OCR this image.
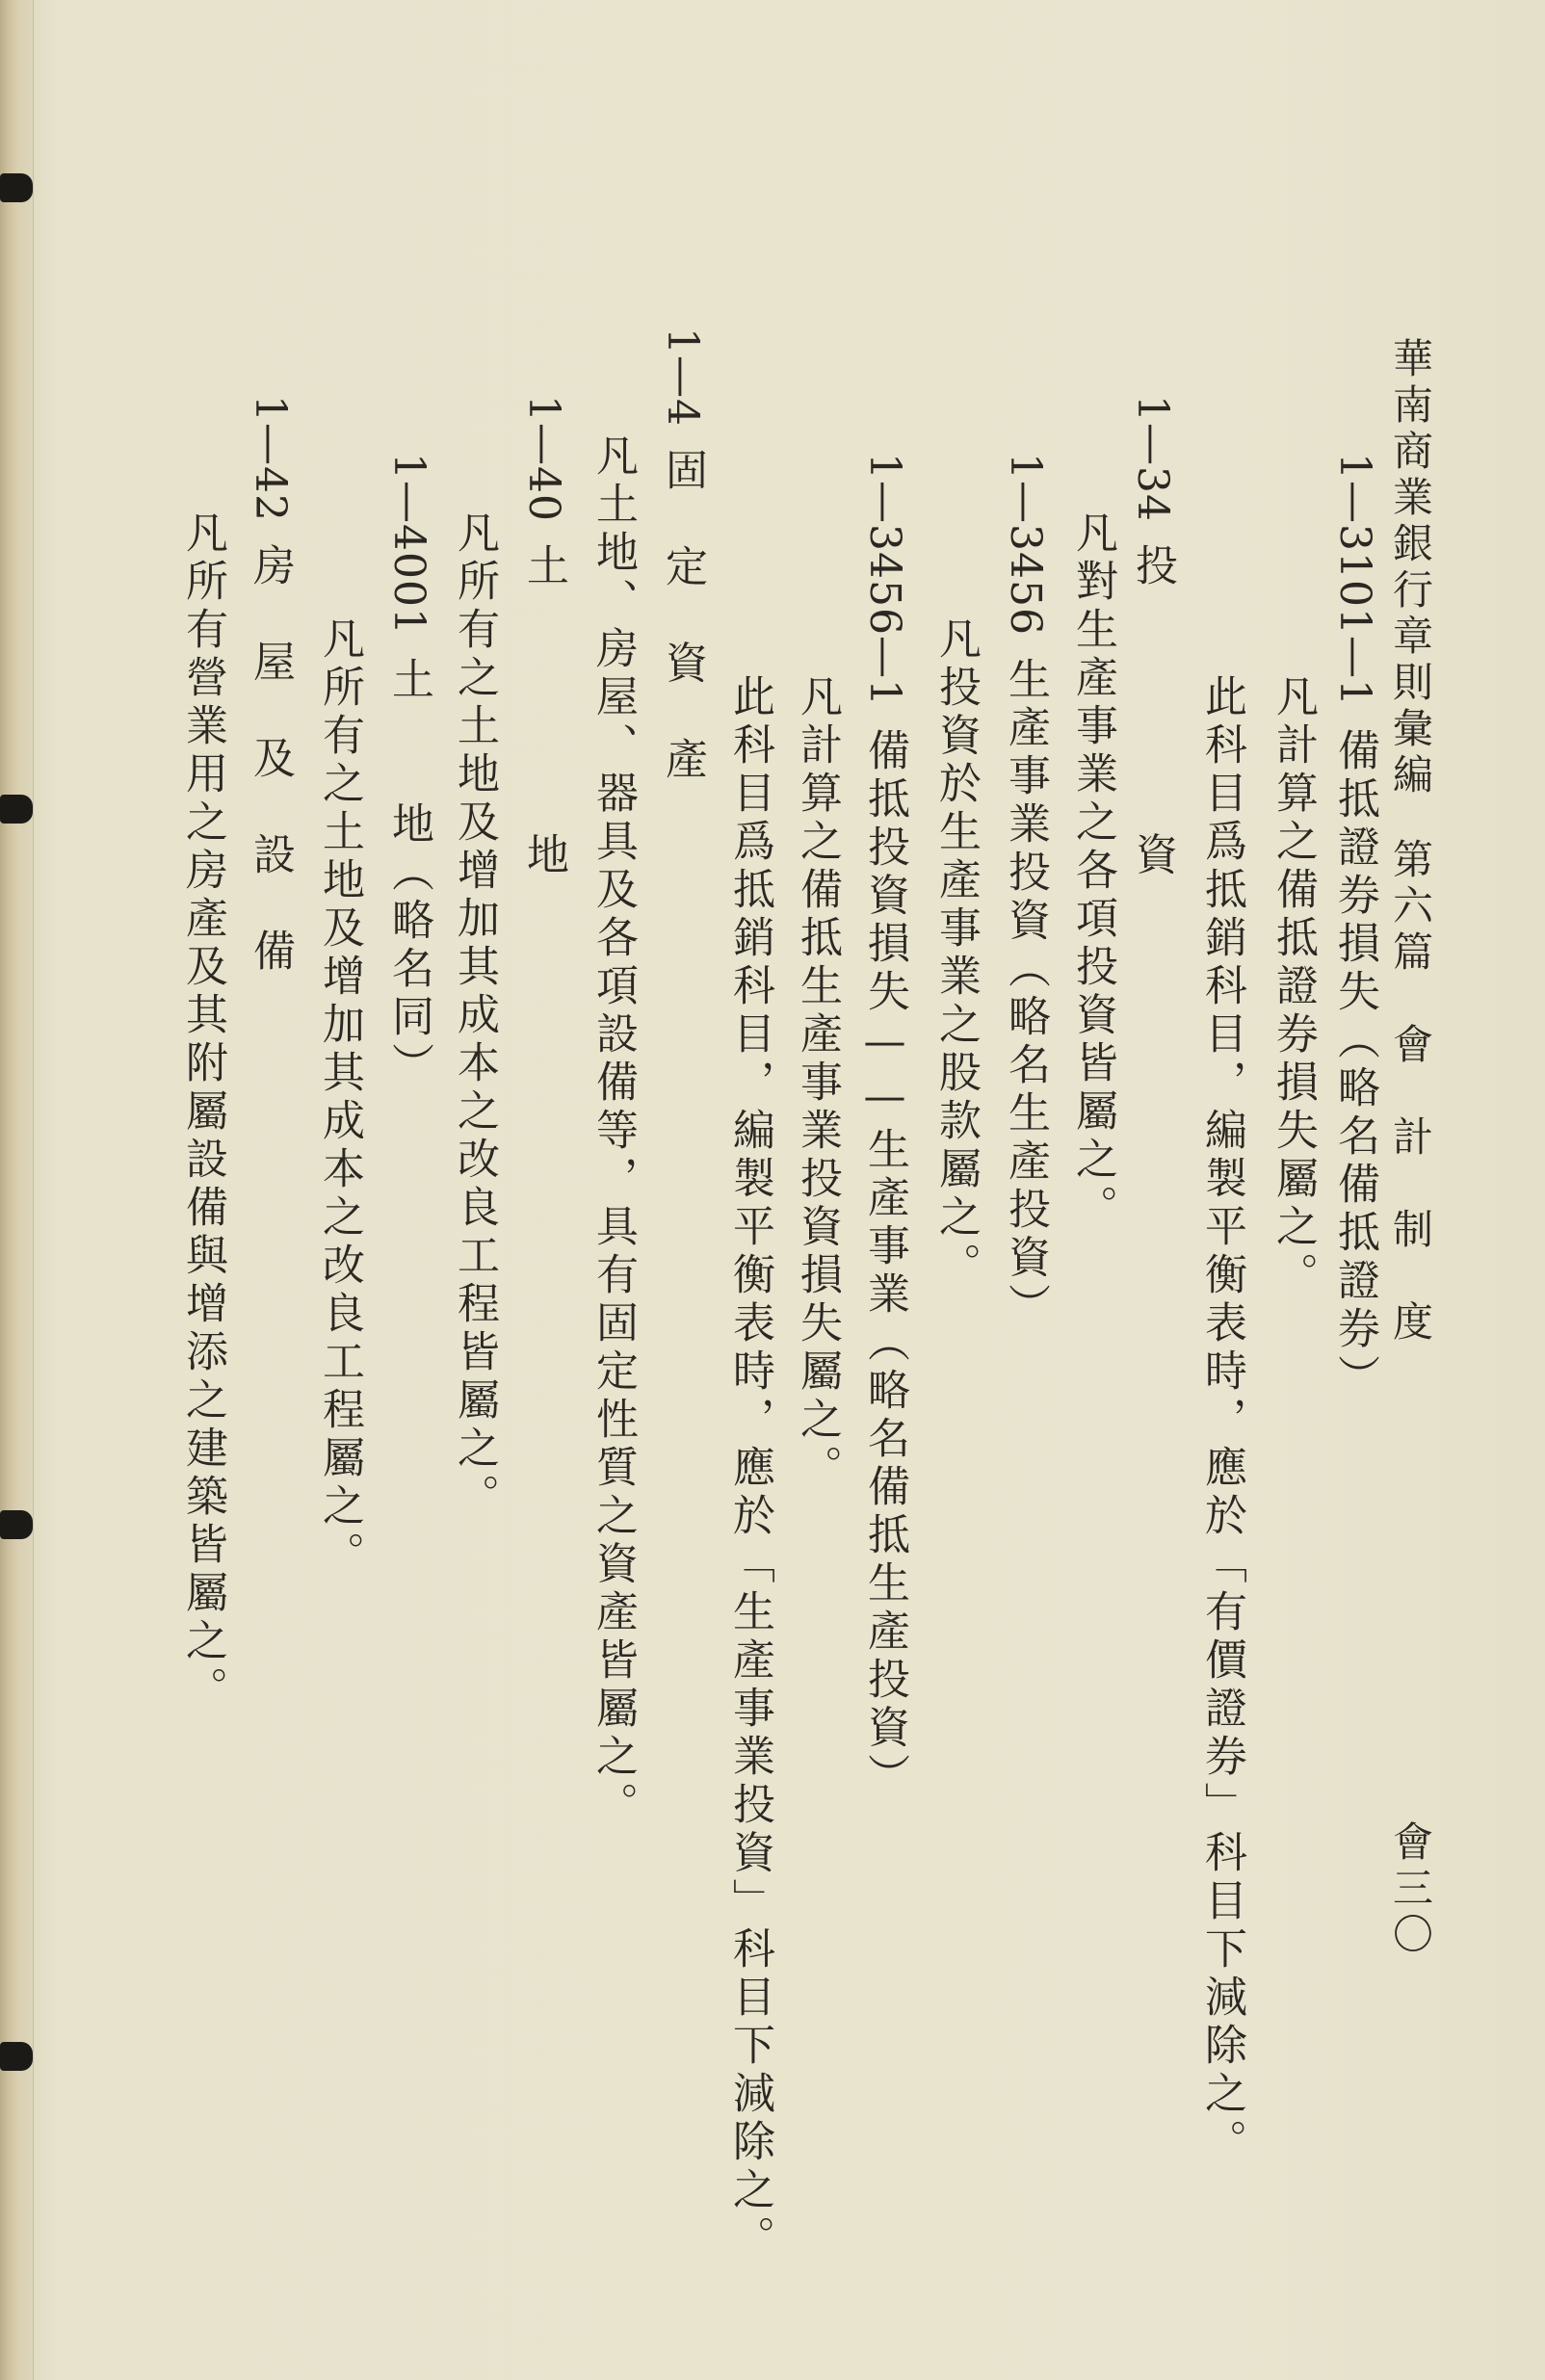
華南商業銀行章則彙編第六篇　會　計　制　度
會三〇
1—3101—1備抵證券損失（略名備抵證券）
凡計算之備抵證券損失屬之。
此科目爲抵銷科目，編製平衡表時，應於「有價證券」科目下減除之。
1—34投　　　　　資
凡對生產事業之各項投資皆屬之。
1—3456生產事業投資（略名生產投資）
凡投資於生產事業之股款屬之。
1—3456—1備抵投資損失——生產事業（略名備抵生產投資）
凡計算之備抵生產事業投資損失屬之。
此科目爲抵銷科目，編製平衡表時，應於「生產事業投資」科目下減除之。
1—4固　定　資　產
凡土地、房屋、器具及各項設備等，具有固定性質之資產皆屬之。
1—40土　　　　　地
凡所有之土地及增加其成本之改良工程皆屬之。
1—4001土　　地（略名同）
凡所有之土地及增加其成本之改良工程屬之。
1—42房　屋　及　設　備
凡所有營業用之房產及其附屬設備與增添之建築皆屬之。
